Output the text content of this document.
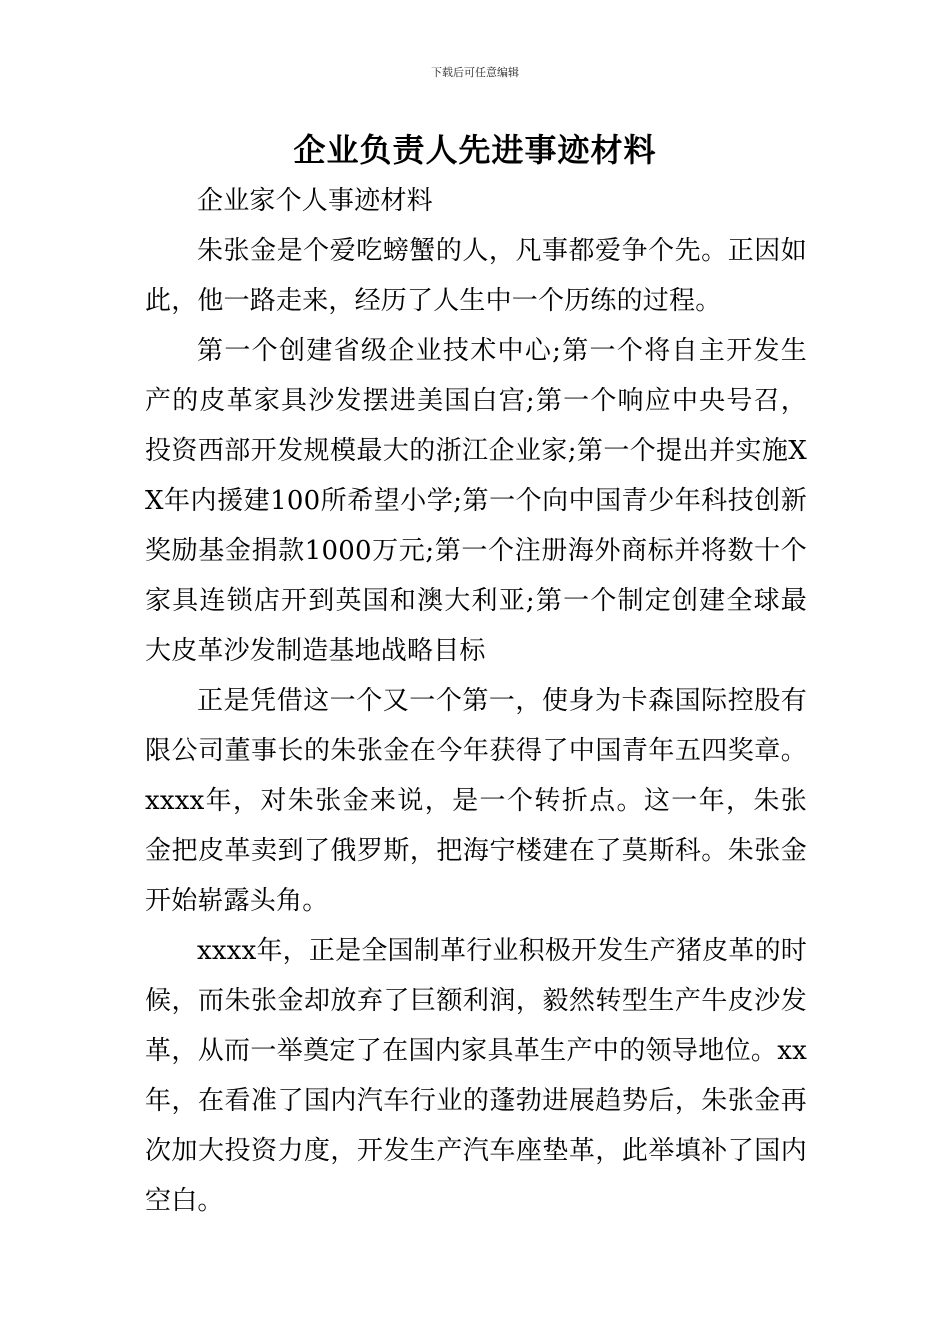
下载后可任意编辑
企业负责人先进事迹材料

企业家个人事迹材料

朱张金是个爱吃螃蟹的人，凡事都爱争个先。正因如此，他一路走来，经历了人生中一个历练的过程。

第一个创建省级企业技术中心;第一个将自主开发生产的皮革家具沙发摆进美国白宫;第一个响应中央号召，投资西部开发规模最大的浙江企业家;第一个提出并实施XX年内援建100所希望小学;第一个向中国青少年科技创新奖励基金捐款1000万元;第一个注册海外商标并将数十个家具连锁店开到英国和澳大利亚;第一个制定创建全球最大皮革沙发制造基地战略目标

正是凭借这一个又一个第一，使身为卡森国际控股有限公司董事长的朱张金在今年获得了中国青年五四奖章。xxxx年，对朱张金来说，是一个转折点。这一年，朱张金把皮革卖到了俄罗斯，把海宁楼建在了莫斯科。朱张金开始崭露头角。

xxxx年，正是全国制革行业积极开发生产猪皮革的时候，而朱张金却放弃了巨额利润，毅然转型生产牛皮沙发革，从而一举奠定了在国内家具革生产中的领导地位。xx年，在看准了国内汽车行业的蓬勃进展趋势后，朱张金再次加大投资力度，开发生产汽车座垫革，此举填补了国内空白。
